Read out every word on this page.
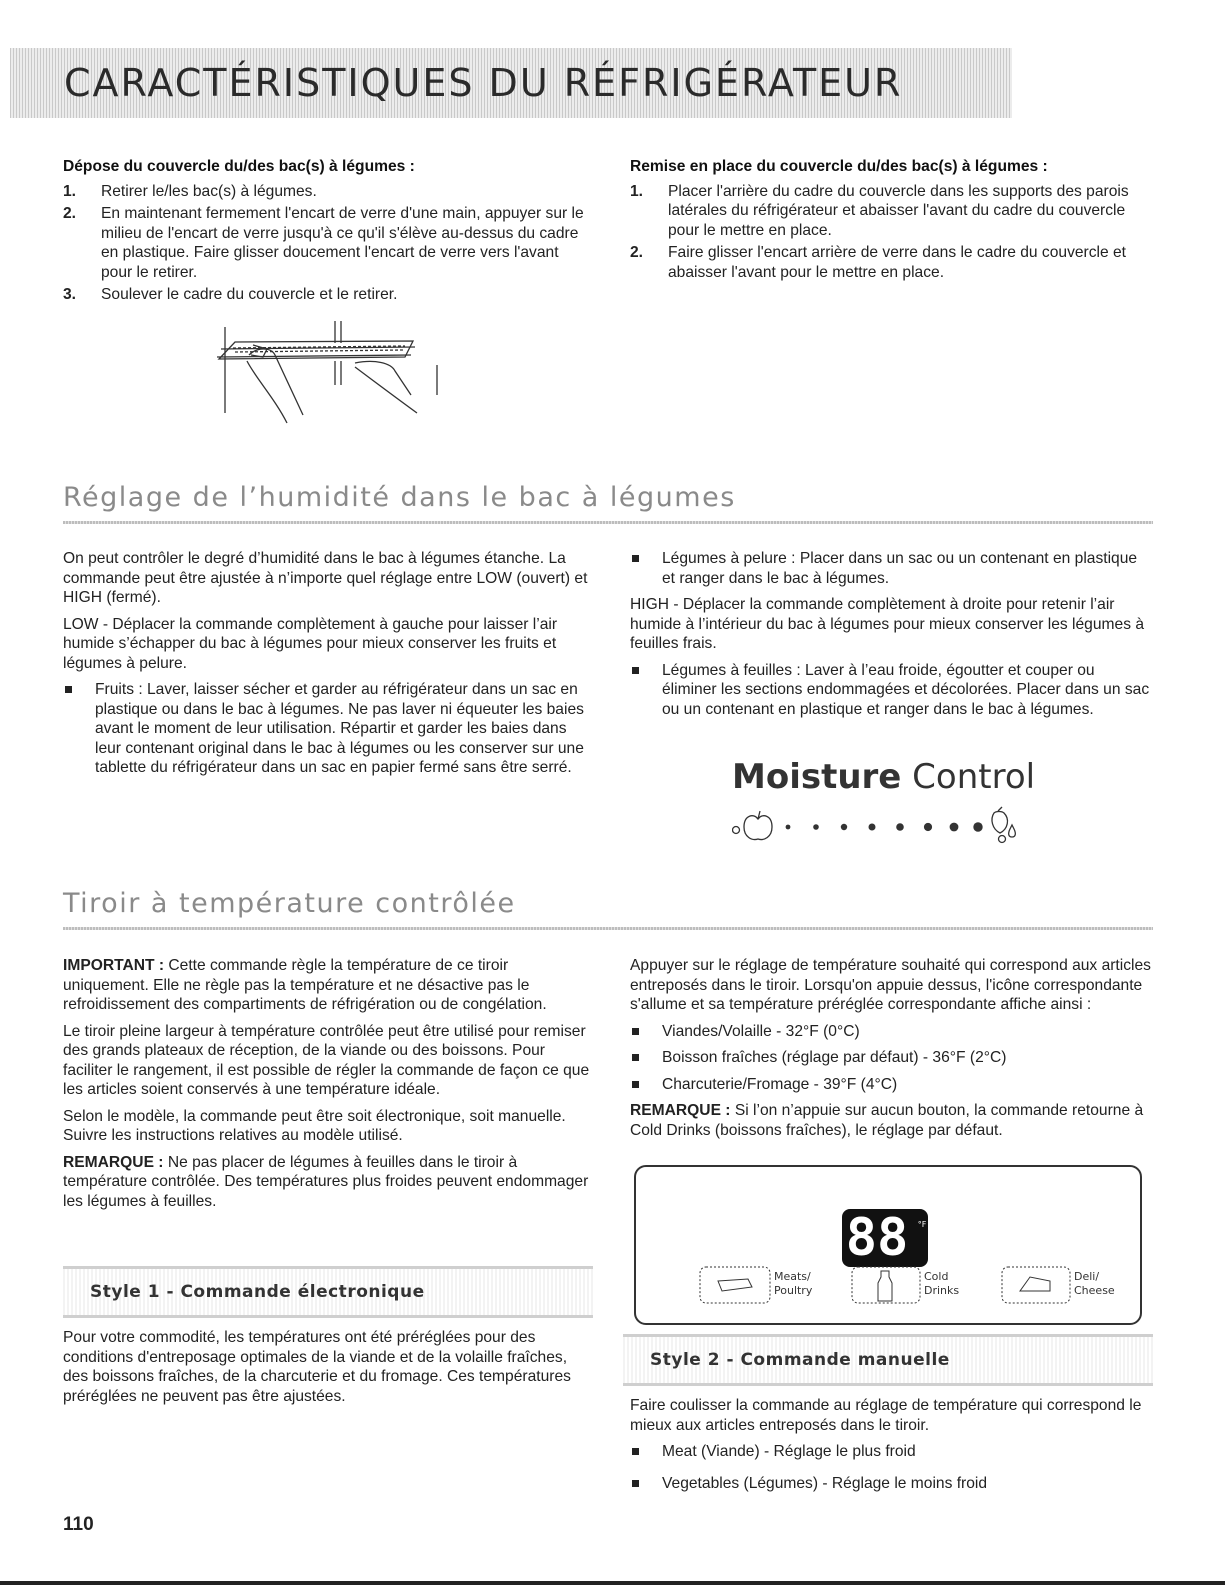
CARACTÉRISTIQUES DU RÉFRIGÉRATEUR
Dépose du couvercle du/des bac(s) à légumes :
1. Retirer le/les bac(s) à légumes.
2. En maintenant fermement l'encart de verre d'une main, appuyer sur le milieu de l'encart de verre jusqu'à ce qu'il s'élève au-dessus du cadre en plastique. Faire glisser doucement l'encart de verre vers l'avant pour le retirer.
3. Soulever le cadre du couvercle et le retirer.
Remise en place du couvercle du/des bac(s) à légumes :
1. Placer l'arrière du cadre du couvercle dans les supports des parois latérales du réfrigérateur et abaisser l'avant du cadre du couvercle pour le mettre en place.
2. Faire glisser l'encart arrière de verre dans le cadre du couvercle et abaisser l'avant pour le mettre en place.
Réglage de l’humidité dans le bac à légumes

On peut contrôler le degré d’humidité dans le bac à légumes étanche. La commande peut être ajustée à n’importe quel réglage entre LOW (ouvert) et HIGH (fermé).

LOW - Déplacer la commande complètement à gauche pour laisser l’air humide s’échapper du bac à légumes pour mieux conserver les fruits et légumes à pelure.

Fruits : Laver, laisser sécher et garder au réfrigérateur dans un sac en plastique ou dans le bac à légumes. Ne pas laver ni équeuter les baies avant le moment de leur utilisation. Répartir et garder les baies dans leur contenant original dans le bac à légumes ou les conserver sur une tablette du réfrigérateur dans un sac en papier fermé sans être serré.
Légumes à pelure : Placer dans un sac ou un contenant en plastique et ranger dans le bac à légumes.

HIGH - Déplacer la commande complètement à droite pour retenir l’air humide à l’intérieur du bac à légumes pour mieux conserver les légumes à feuilles frais.

Légumes à feuilles : Laver à l’eau froide, égoutter et couper ou éliminer les sections endommagées et décolorées. Placer dans un sac ou un contenant en plastique et ranger dans le bac à légumes.
Moisture Control
Tiroir à température contrôlée

IMPORTANT : Cette commande règle la température de ce tiroir uniquement. Elle ne règle pas la température et ne désactive pas le refroidissement des compartiments de réfrigération ou de congélation.

Le tiroir pleine largeur à température contrôlée peut être utilisé pour remiser des grands plateaux de réception, de la viande ou des boissons. Pour faciliter le rangement, il est possible de régler la commande de façon ce que les articles soient conservés à une température idéale.

Selon le modèle, la commande peut être soit électronique, soit manuelle. Suivre les instructions relatives au modèle utilisé.

REMARQUE : Ne pas placer de légumes à feuilles dans le tiroir à température contrôlée. Des températures plus froides peuvent endommager les légumes à feuilles.

Style 1 - Commande électronique

Pour votre commodité, les températures ont été préréglées pour des conditions d'entreposage optimales de la viande et de la volaille fraîches, des boissons fraîches, de la charcuterie et du fromage. Ces températures préréglées ne peuvent pas être ajustées.

Appuyer sur le réglage de température souhaité qui correspond aux articles entreposés dans le tiroir. Lorsqu'on appuie dessus, l'icône correspondante s'allume et sa température préréglée correspondante affiche ainsi :

Viandes/Volaille - 32°F (0°C)
Boisson fraîches (réglage par défaut) - 36°F (2°C)
Charcuterie/Fromage - 39°F (4°C)

REMARQUE : Si l’on n’appuie sur aucun bouton, la commande retourne à Cold Drinks (boissons fraîches), le réglage par défaut.

88 °F
Meats/
Poultry
Cold
Drinks
Deli/
Cheese
Style 2 - Commande manuelle

Faire coulisser la commande au réglage de température qui correspond le mieux aux articles entreposés dans le tiroir.

Meat (Viande) - Réglage le plus froid
Vegetables (Légumes) - Réglage le moins froid
110
